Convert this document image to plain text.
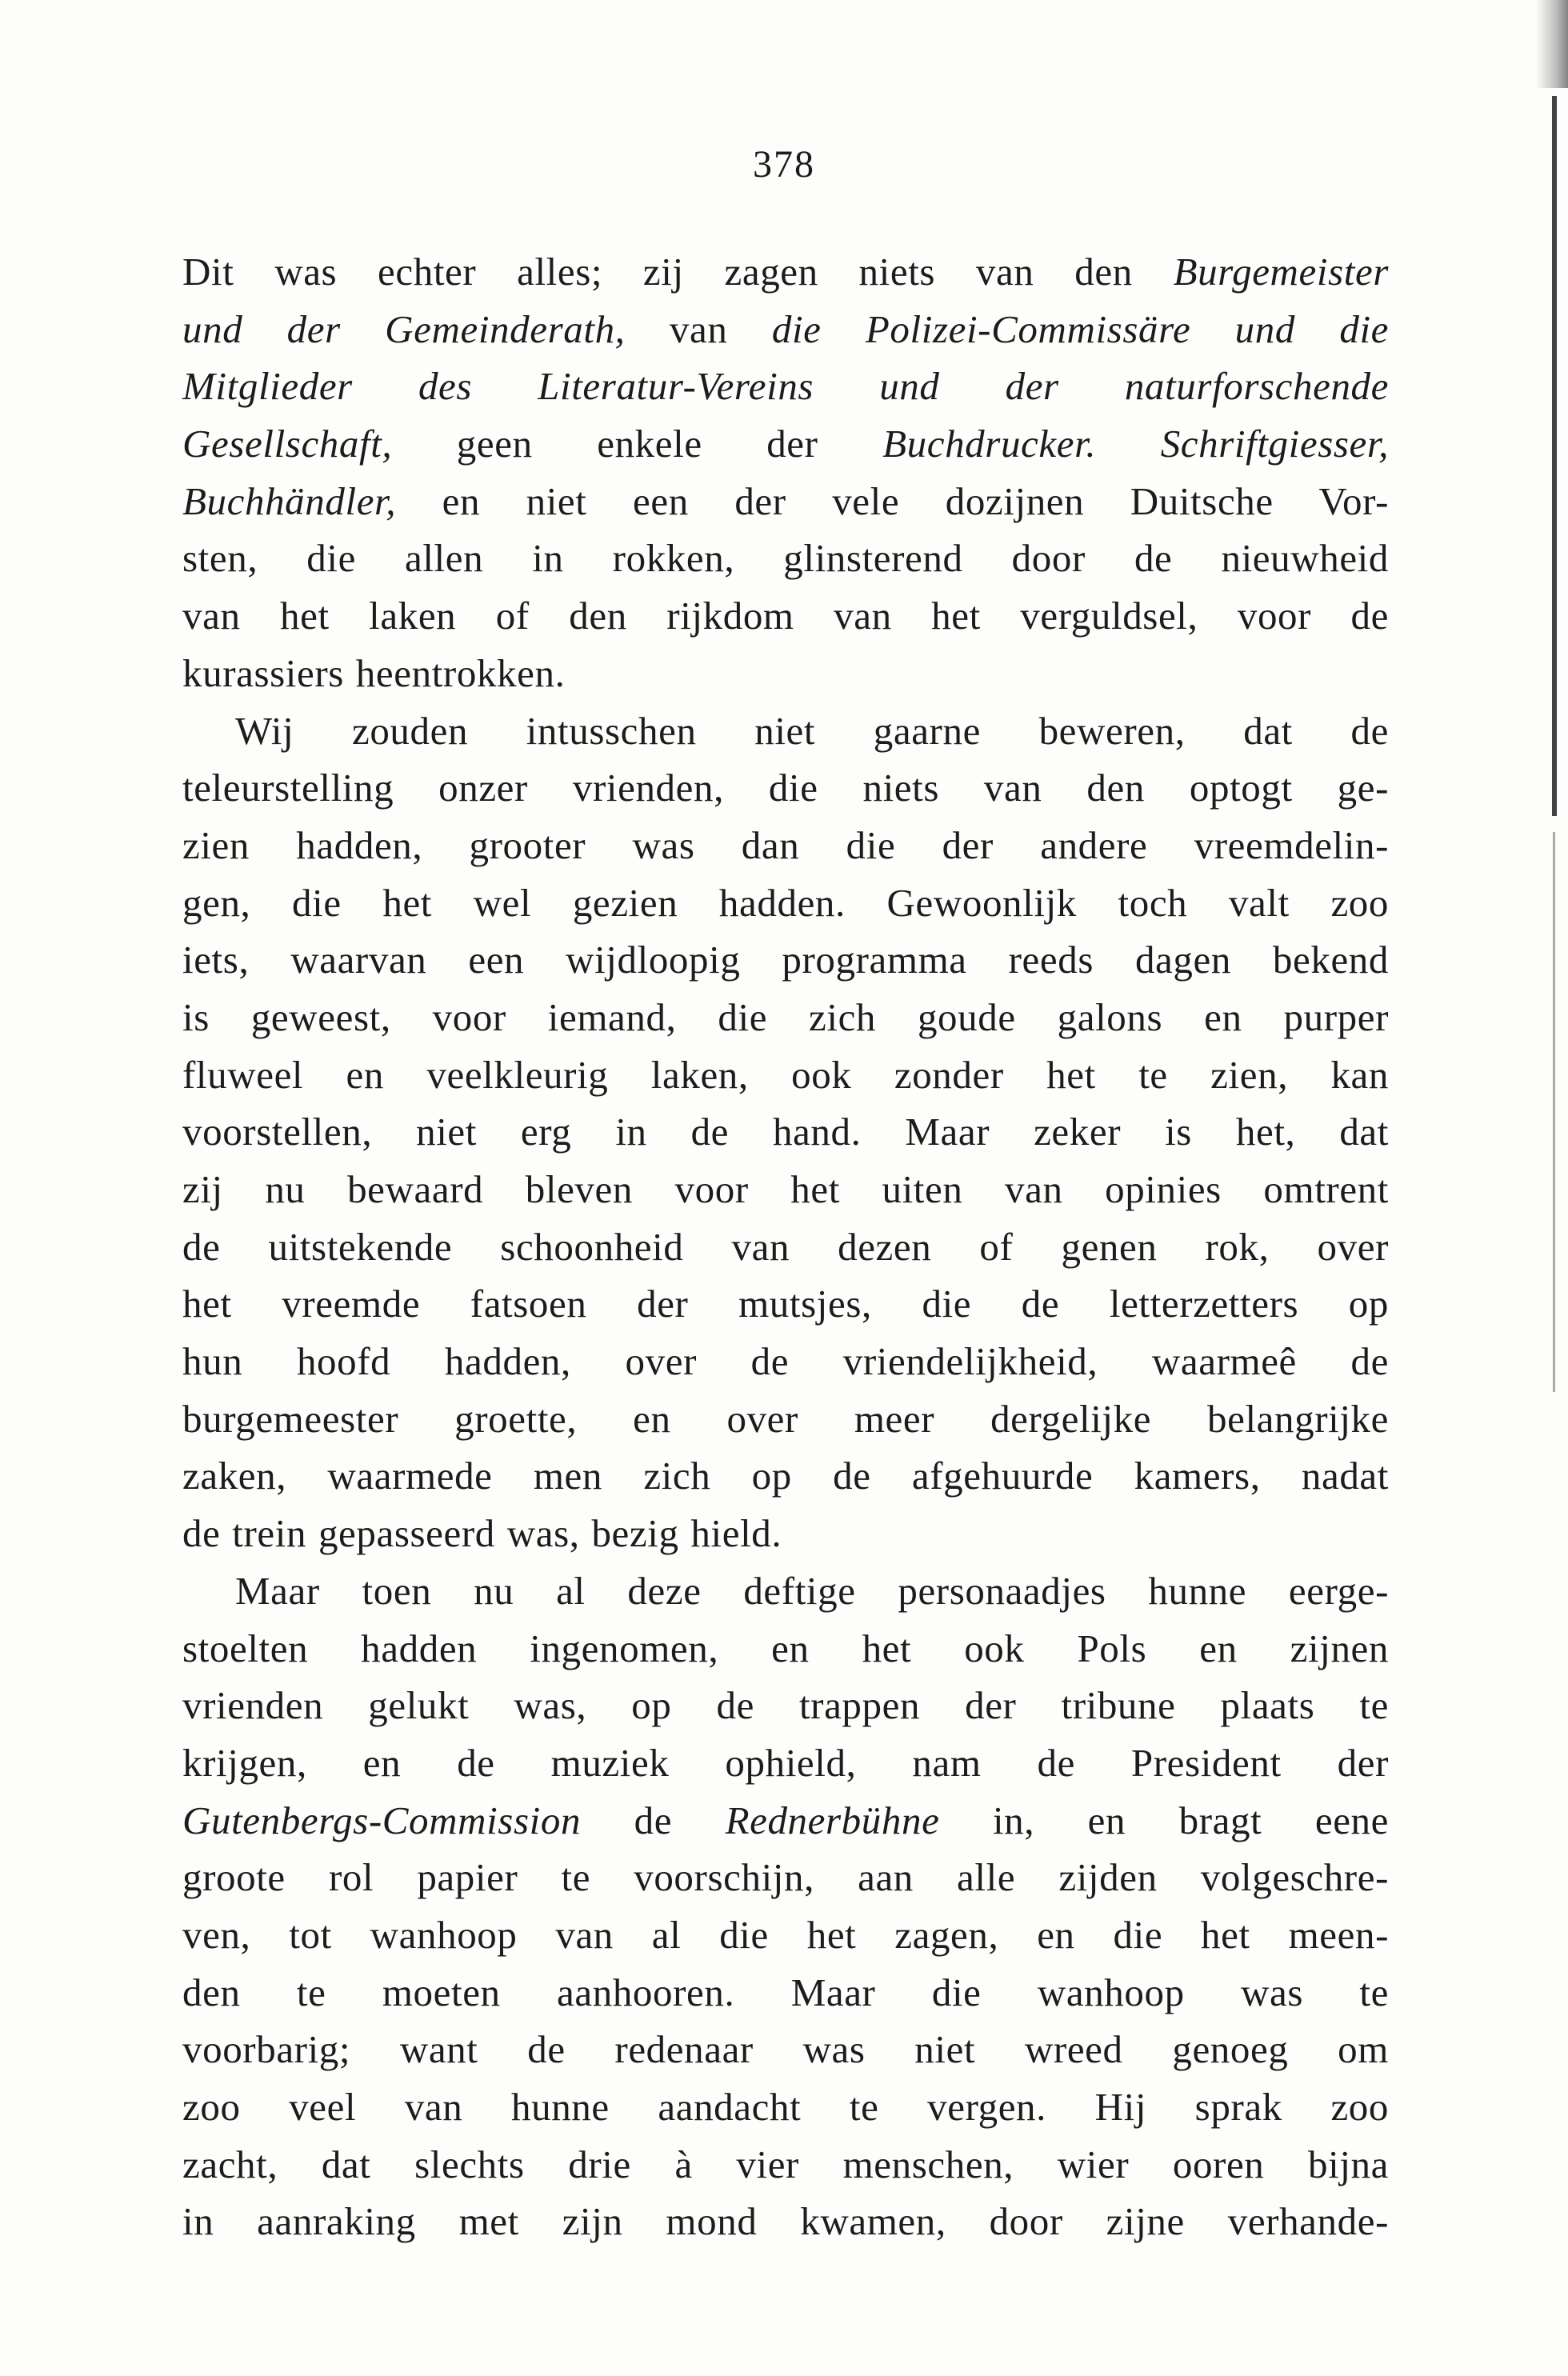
378
Dit was echter alles; zij zagen niets van den Burgemeister
und der Gemeinderath, van die Polizei-Commissäre und die
Mitglieder des Literatur-Vereins und der naturforschende
Gesellschaft, geen enkele der Buchdrucker. Schriftgiesser,
Buchhändler, en niet een der vele dozijnen Duitsche Vor-
sten, die allen in rokken, glinsterend door de nieuwheid
van het laken of den rijkdom van het verguldsel, voor de
kurassiers heentrokken.
Wij zouden intusschen niet gaarne beweren, dat de
teleurstelling onzer vrienden, die niets van den optogt ge-
zien hadden, grooter was dan die der andere vreemdelin-
gen, die het wel gezien hadden. Gewoonlijk toch valt zoo
iets, waarvan een wijdloopig programma reeds dagen bekend
is geweest, voor iemand, die zich goude galons en purper
fluweel en veelkleurig laken, ook zonder het te zien, kan
voorstellen, niet erg in de hand. Maar zeker is het, dat
zij nu bewaard bleven voor het uiten van opinies omtrent
de uitstekende schoonheid van dezen of genen rok, over
het vreemde fatsoen der mutsjes, die de letterzetters op
hun hoofd hadden, over de vriendelijkheid, waarmeê de
burgemeester groette, en over meer dergelijke belangrijke
zaken, waarmede men zich op de afgehuurde kamers, nadat
de trein gepasseerd was, bezig hield.
Maar toen nu al deze deftige personaadjes hunne eerge-
stoelten hadden ingenomen, en het ook Pols en zijnen
vrienden gelukt was, op de trappen der tribune plaats te
krijgen, en de muziek ophield, nam de President der
Gutenbergs-Commission de Rednerbühne in, en bragt eene
groote rol papier te voorschijn, aan alle zijden volgeschre-
ven, tot wanhoop van al die het zagen, en die het meen-
den te moeten aanhooren. Maar die wanhoop was te
voorbarig; want de redenaar was niet wreed genoeg om
zoo veel van hunne aandacht te vergen. Hij sprak zoo
zacht, dat slechts drie à vier menschen, wier ooren bijna
in aanraking met zijn mond kwamen, door zijne verhande-
